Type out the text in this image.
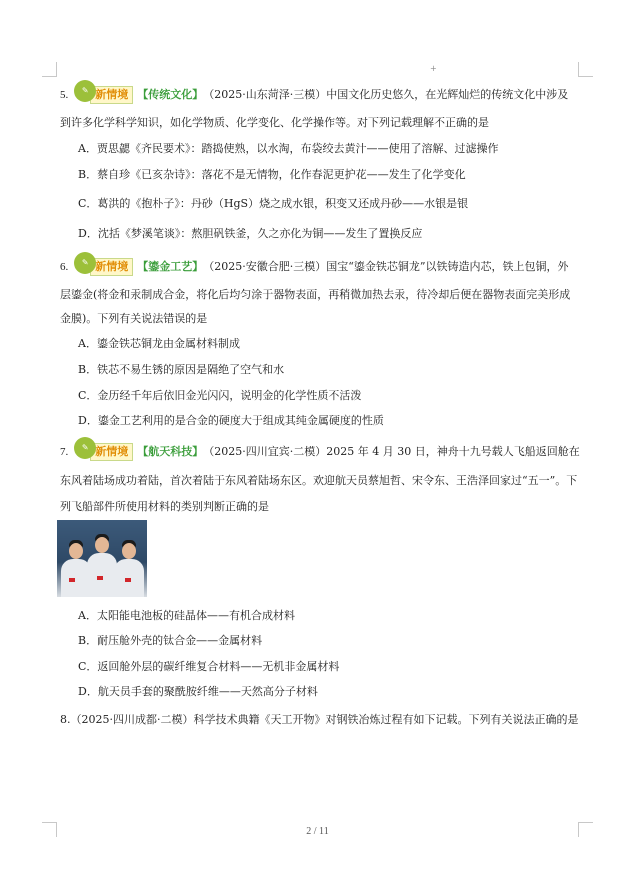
+
5.	✎ 新情境 【传统文化】 （2025·山东菏泽·三模）中国文化历史悠久，在光辉灿烂的传统文化中涉及
到许多化学科学知识，如化学物质、化学变化、化学操作等。对下列记载理解不正确的是
A．贾思勰《齐民要术》：踏捣使熟，以水淘，布袋绞去黄汁——使用了溶解、过滤操作
B．蔡自珍《已亥杂诗》：落花不是无情物，化作春泥更护花——发生了化学变化
C．葛洪的《抱朴子》：丹砂（HgS）烧之成水银，积变又还成丹砂——水银是银
D．沈括《梦溪笔谈》：熬胆矾铁釜，久之亦化为铜——发生了置换反应
6.	✎ 新情境 【鎏金工艺】 （2025·安徽合肥·三模）国宝“鎏金铁芯铜龙”以铁铸造内芯，铁上包铜，外
层鎏金(将金和汞制成合金，将化后均匀涂于器物表面，再稍微加热去汞，待冷却后便在器物表面完美形成
金膜)。下列有关说法错误的是
A．鎏金铁芯铜龙由金属材料制成
B．铁芯不易生锈的原因是隔绝了空气和水
C．金历经千年后依旧金光闪闪，说明金的化学性质不活泼
D．鎏金工艺利用的是合金的硬度大于组成其纯金属硬度的性质
7.	✎ 新情境 【航天科技】 （2025·四川宜宾·二模）2025 年 4 月 30 日，神舟十九号载人飞船返回舱在
东风着陆场成功着陆，首次着陆于东风着陆场东区。欢迎航天员蔡旭哲、宋令东、王浩泽回家过“五一”。下
列飞船部件所使用材料的类别判断正确的是
A．太阳能电池板的硅晶体——有机合成材料
B．耐压舱外壳的钛合金——金属材料
C．返回舱外层的碳纤维复合材料——无机非金属材料
D．航天员手套的聚酰胺纤维——天然高分子材料
8.（2025·四川成都·二模）科学技术典籍《天工开物》对钢铁冶炼过程有如下记载。下列有关说法正确的是
2 / 11
